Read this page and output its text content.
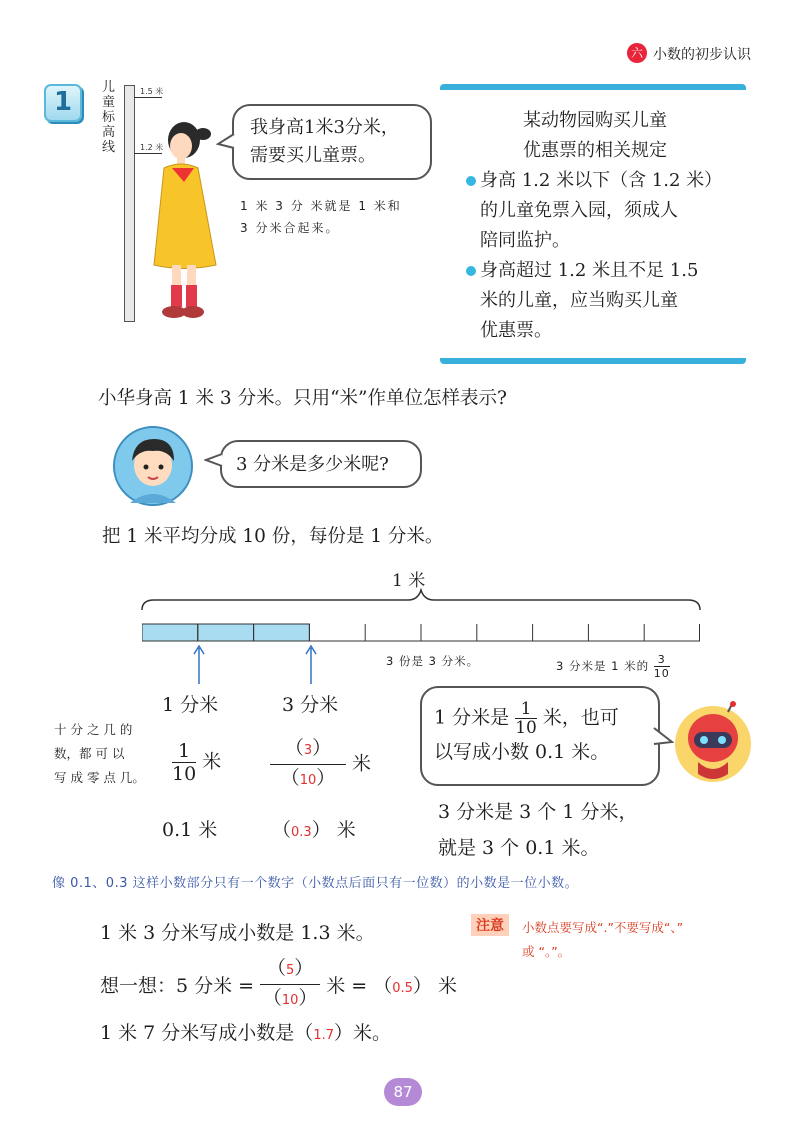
六 小数的初步认识
1	儿童标高线
1.5 米
1.2 米
我身高1米3分米，
需要买儿童票。
1 米 3 分 米就是 1 米和
3 分米合起来。
某动物园购买儿童
优惠票的相关规定
身高 1.2 米以下（含 1.2 米）
的儿童免票入园，须成人
陪同监护。
身高超过 1.2 米且不足 1.5
米的儿童，应当购买儿童
优惠票。
小华身高 1 米 3 分米。只用“米”作单位怎样表示?
3 分米是多少米呢?
把 1 米平均分成 10 份，每份是 1 分米。
1 米
3 份是 3 分米。	3 分米是 1 米的 $\frac{3}{10}$
1 分米	3 分米
十 分 之 几 的
数，都 可 以
写 成 零 点 几。 $\frac{1}{10}$ 米	$\frac{(3)}{(10)}$ 米
0.1 米	（0.3） 米
1 分米是 $\frac{1}{10}$ 米，也可
以写成小数 0.1 米。
3 分米是 3 个 1 分米，
就是 3 个 0.1 米。
像 0.1、0.3 这样小数部分只有一个数字（小数点后面只有一位数）的小数是一位小数。
1 米 3 分米写成小数是 1.3 米。	注意	小数点要写成“.”不要写成“、”
或 “。”。
想一想：5 分米 = $\frac{(5)}{(10)}$ 米 = （0.5） 米
1 米 7 分米写成小数是（1.7）米。
87
